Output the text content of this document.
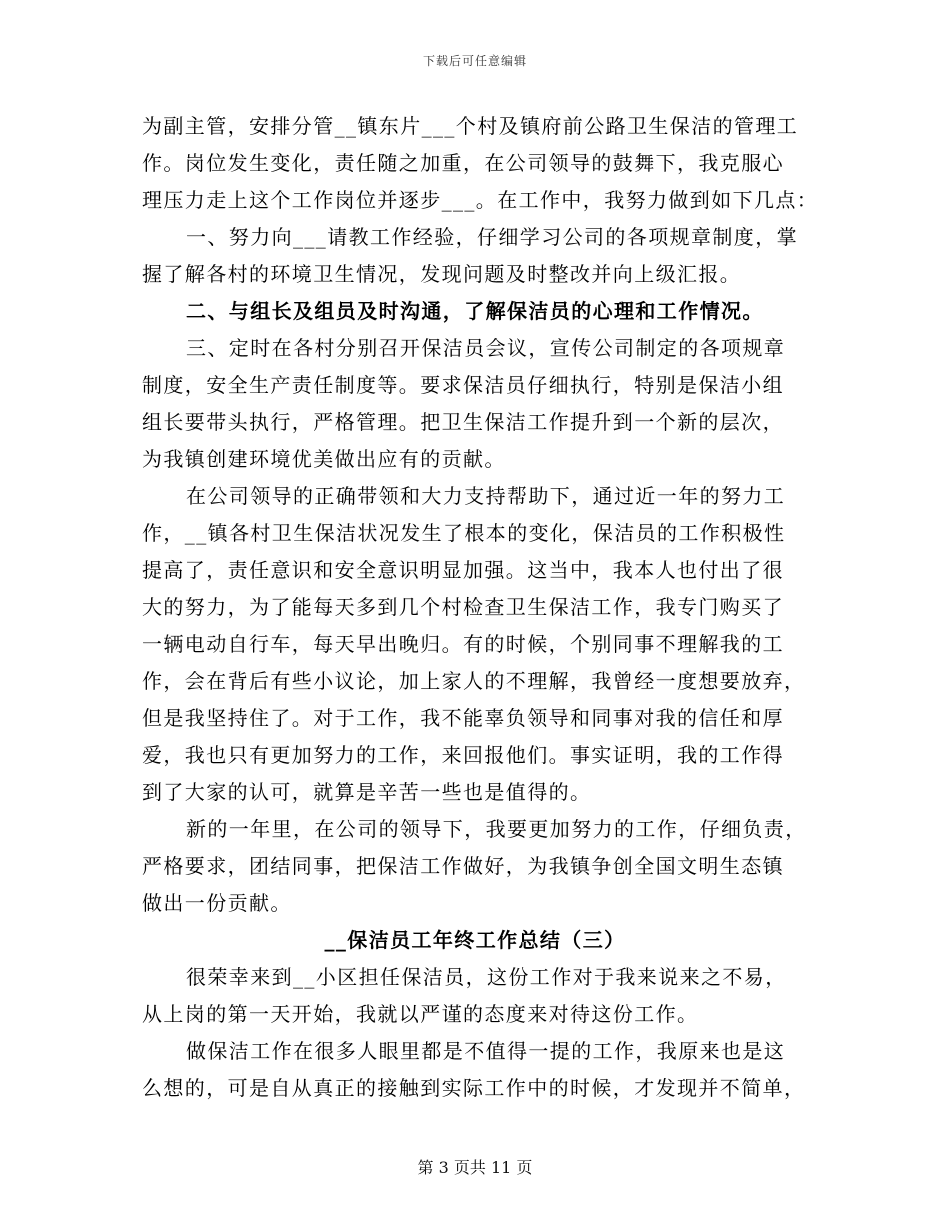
下载后可任意编辑
为副主管，安排分管__镇东片___个村及镇府前公路卫生保洁的管理工
作。岗位发生变化，责任随之加重，在公司领导的鼓舞下，我克服心
理压力走上这个工作岗位并逐步___。在工作中，我努力做到如下几点：
一、努力向___请教工作经验，仔细学习公司的各项规章制度，掌
握了解各村的环境卫生情况，发现问题及时整改并向上级汇报。
二、与组长及组员及时沟通，了解保洁员的心理和工作情况。
三、定时在各村分别召开保洁员会议，宣传公司制定的各项规章
制度，安全生产责任制度等。要求保洁员仔细执行，特别是保洁小组
组长要带头执行，严格管理。把卫生保洁工作提升到一个新的层次，
为我镇创建环境优美做出应有的贡献。
在公司领导的正确带领和大力支持帮助下，通过近一年的努力工
作，__镇各村卫生保洁状况发生了根本的变化，保洁员的工作积极性
提高了，责任意识和安全意识明显加强。这当中，我本人也付出了很
大的努力，为了能每天多到几个村检查卫生保洁工作，我专门购买了
一辆电动自行车，每天早出晚归。有的时候，个别同事不理解我的工
作，会在背后有些小议论，加上家人的不理解，我曾经一度想要放弃，
但是我坚持住了。对于工作，我不能辜负领导和同事对我的信任和厚
爱，我也只有更加努力的工作，来回报他们。事实证明，我的工作得
到了大家的认可，就算是辛苦一些也是值得的。
新的一年里，在公司的领导下，我要更加努力的工作，仔细负责，
严格要求，团结同事，把保洁工作做好，为我镇争创全国文明生态镇
做出一份贡献。
__保洁员工年终工作总结（三）
很荣幸来到__小区担任保洁员，这份工作对于我来说来之不易，
从上岗的第一天开始，我就以严谨的态度来对待这份工作。
做保洁工作在很多人眼里都是不值得一提的工作，我原来也是这
么想的，可是自从真正的接触到实际工作中的时候，才发现并不简单，
第 3 页共 11 页
